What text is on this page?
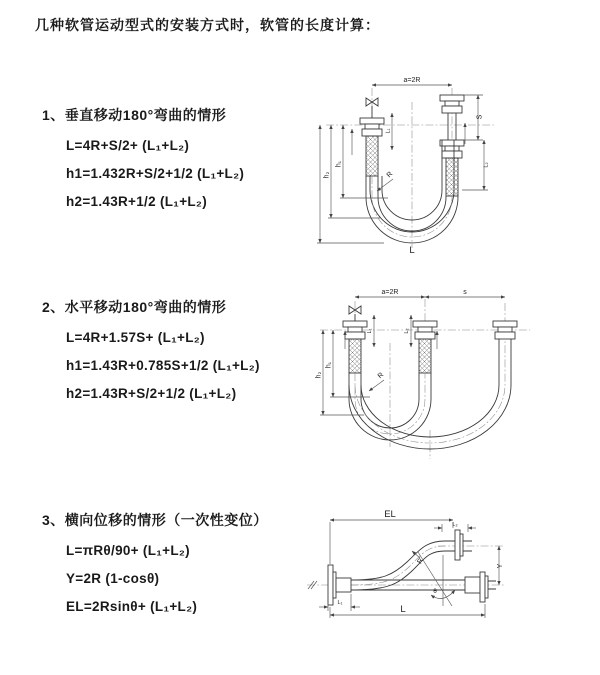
几种软管运动型式的安装方式时，软管的长度计算：
1、垂直移动180°弯曲的情形
L=4R+S/2+ (L₁+L₂)
h1=1.432R+S/2+1/2 (L₁+L₂)
h2=1.43R+1/2 (L₁+L₂)
a=2R
L₁
S
L₂
h₁
h₂	R
L
2、水平移动180°弯曲的情形
L=4R+1.57S+ (L₁+L₂)
h1=1.43R+0.785S+1/2 (L₁+L₂)
h2=1.43R+S/2+1/2 (L₁+L₂)
a=2R	s
L₁	L₂
h₁
h₂	R
3、横向位移的情形（一次性变位）
L=πRθ/90+ (L₁+L₂)
Y=2R (1-cosθ)
EL=2Rsinθ+ (L₁+L₂)
EL
L₂
Y
θ
R
L₁
L
